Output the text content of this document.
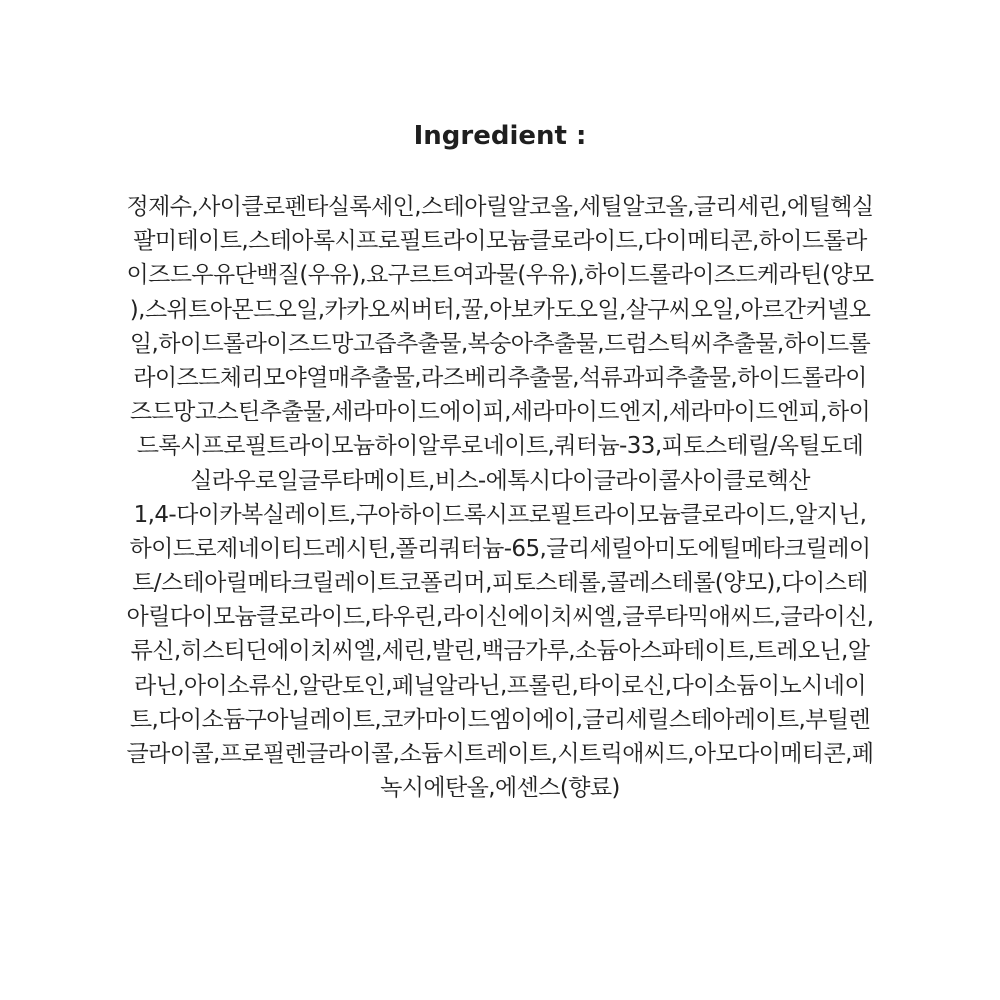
Ingredient :
정제수,사이클로펜타실록세인,스테아릴알코올,세틸알코올,글리세린,에틸헥실
팔미테이트,스테아록시프로필트라이모늄클로라이드,다이메티콘,하이드롤라
이즈드우유단백질(우유),요구르트여과물(우유),하이드롤라이즈드케라틴(양모
),스위트아몬드오일,카카오씨버터,꿀,아보카도오일,살구씨오일,아르간커넬오
일,하이드롤라이즈드망고즙추출물,복숭아추출물,드럼스틱씨추출물,하이드롤
라이즈드체리모야열매추출물,라즈베리추출물,석류과피추출물,하이드롤라이
즈드망고스틴추출물,세라마이드에이피,세라마이드엔지,세라마이드엔피,하이
드록시프로필트라이모늄하이알루로네이트,쿼터늄-33,피토스테릴/옥틸도데
실라우로일글루타메이트,비스-에톡시다이글라이콜사이클로헥산
1,4-다이카복실레이트,구아하이드록시프로필트라이모늄클로라이드,알지닌,
하이드로제네이티드레시틴,폴리쿼터늄-65,글리세릴아미도에틸메타크릴레이
트/스테아릴메타크릴레이트코폴리머,피토스테롤,콜레스테롤(양모),다이스테
아릴다이모늄클로라이드,타우린,라이신에이치씨엘,글루타믹애씨드,글라이신,
류신,히스티딘에이치씨엘,세린,발린,백금가루,소듐아스파테이트,트레오닌,알
라닌,아이소류신,알란토인,페닐알라닌,프롤린,타이로신,다이소듐이노시네이
트,다이소듐구아닐레이트,코카마이드엠이에이,글리세릴스테아레이트,부틸렌
글라이콜,프로필렌글라이콜,소듐시트레이트,시트릭애씨드,아모다이메티콘,페
녹시에탄올,에센스(향료)
